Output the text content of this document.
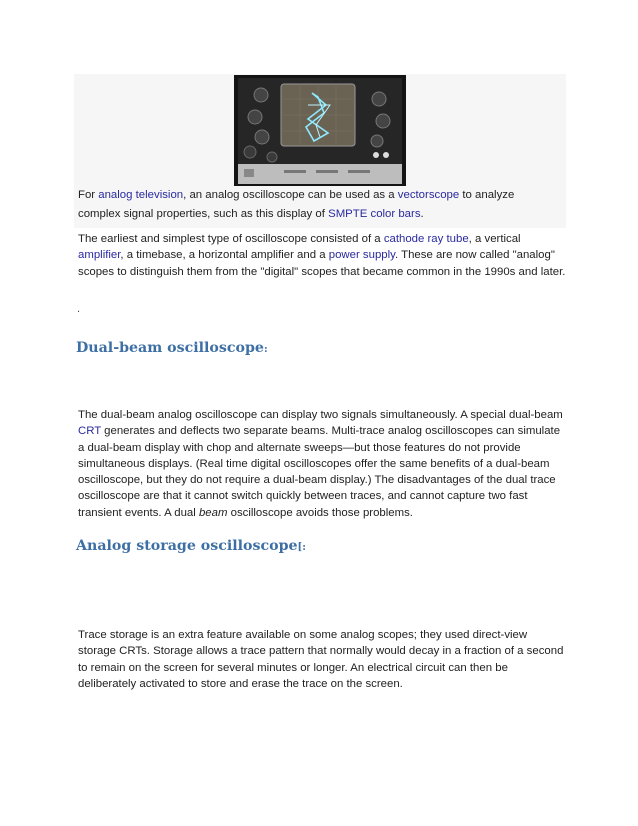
For analog television, an analog oscilloscope can be used as a vectorscope to analyze complex signal properties, such as this display of SMPTE color bars.
The earliest and simplest type of oscilloscope consisted of a cathode ray tube, a vertical amplifier, a timebase, a horizontal amplifier and a power supply. These are now called "analog" scopes to distinguish them from the "digital" scopes that became common in the 1990s and later.
.
Dual-beam oscilloscope:
The dual-beam analog oscilloscope can display two signals simultaneously. A special dual-beam CRT generates and deflects two separate beams. Multi-trace analog oscilloscopes can simulate a dual-beam display with chop and alternate sweeps—but those features do not provide simultaneous displays. (Real time digital oscilloscopes offer the same benefits of a dual-beam oscilloscope, but they do not require a dual-beam display.) The disadvantages of the dual trace oscilloscope are that it cannot switch quickly between traces, and cannot capture two fast transient events. A dual beam oscilloscope avoids those problems.
Analog storage oscilloscope[:
Trace storage is an extra feature available on some analog scopes; they used direct-view storage CRTs. Storage allows a trace pattern that normally would decay in a fraction of a second to remain on the screen for several minutes or longer. An electrical circuit can then be deliberately activated to store and erase the trace on the screen.
